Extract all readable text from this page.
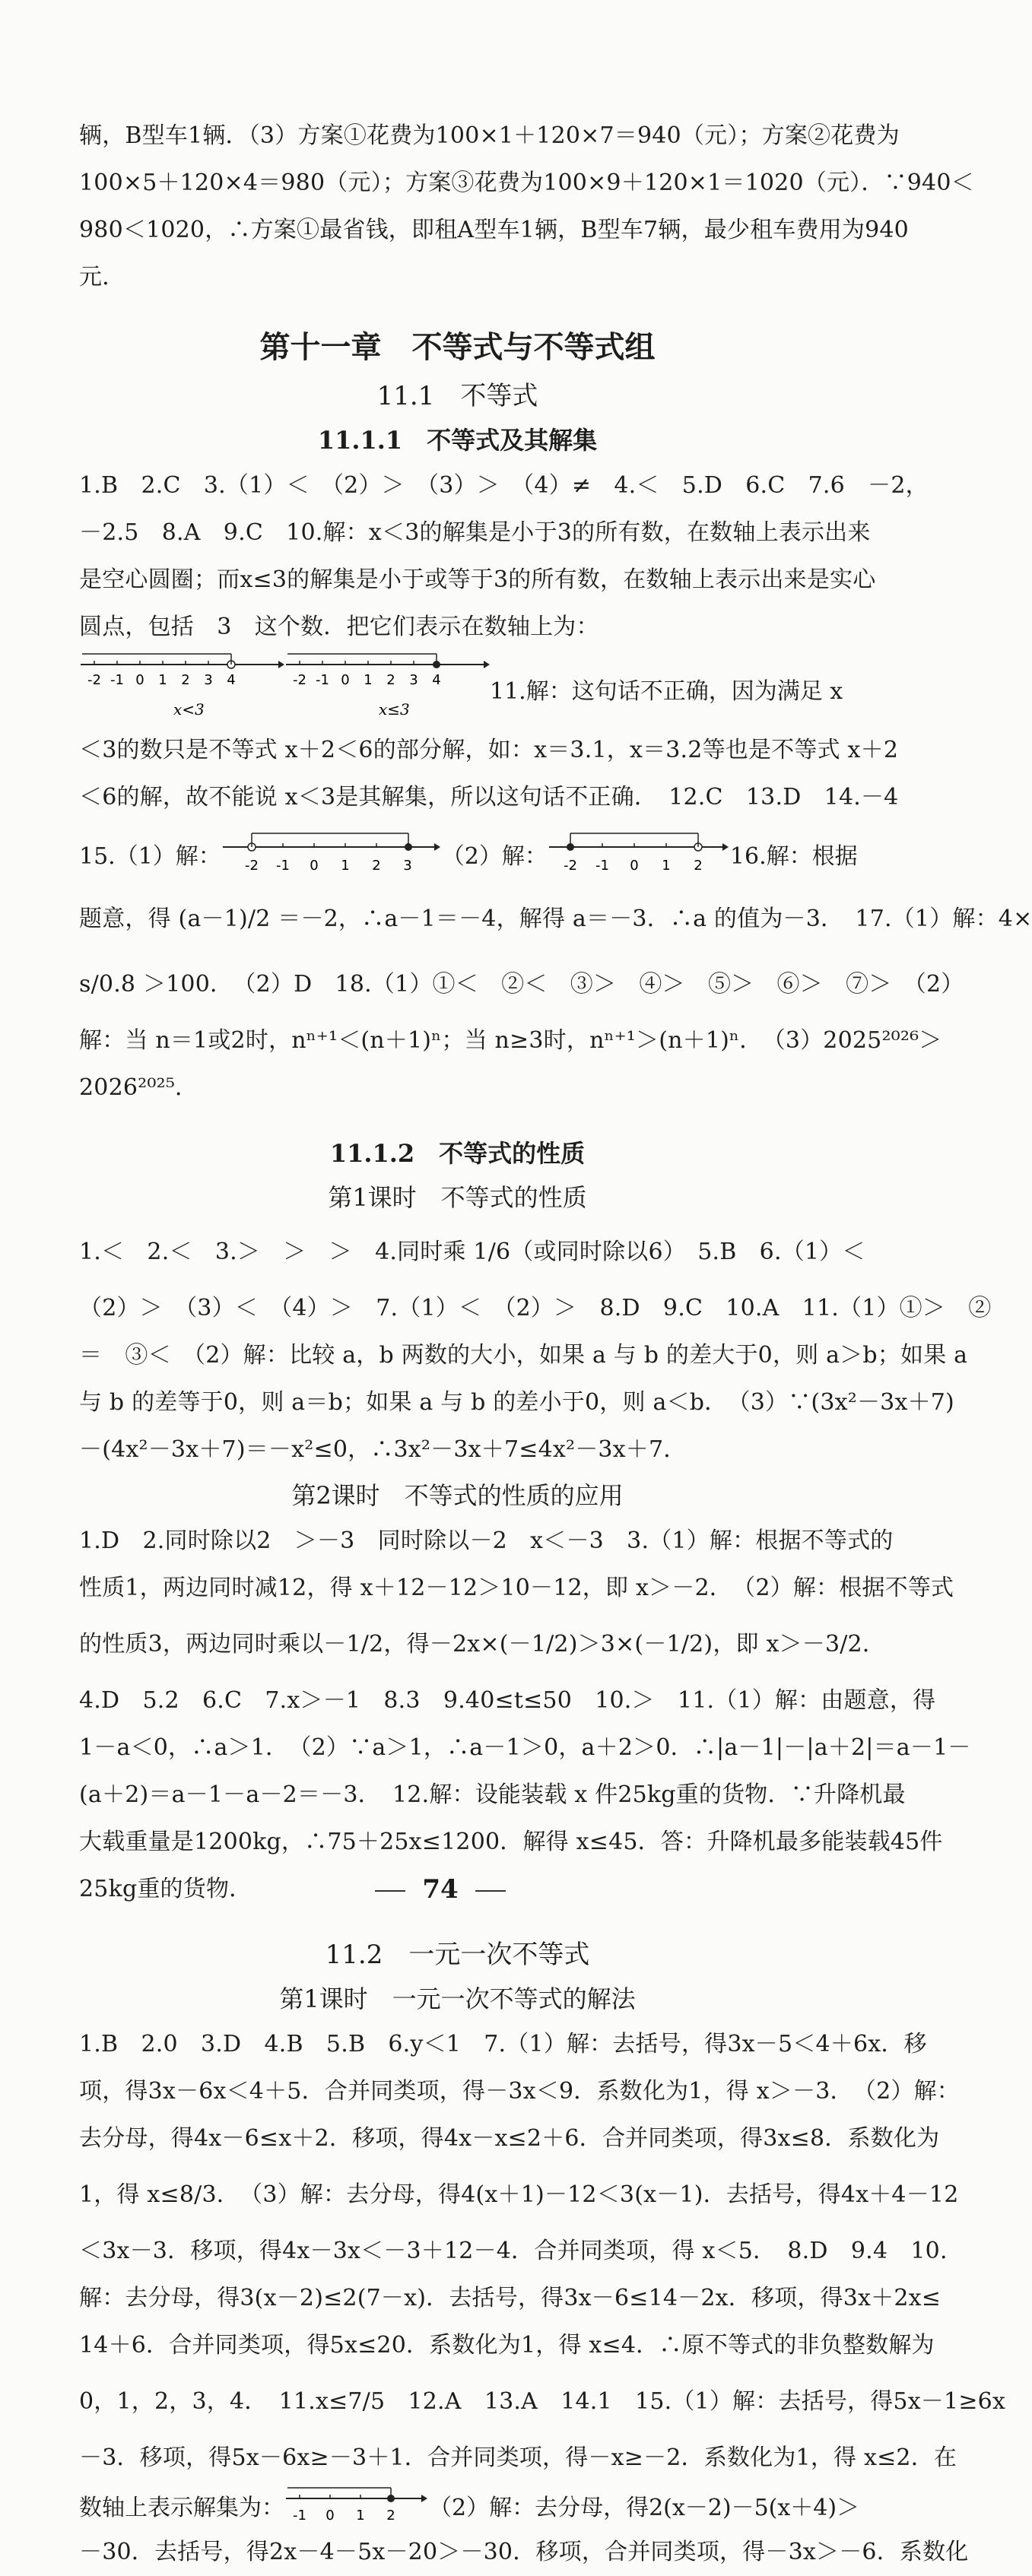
辆，B型车1辆．（3）方案①花费为100×1＋120×7＝940（元）；方案②花费为
100×5＋120×4＝980（元）；方案③花费为100×9＋120×1＝1020（元）．∵940＜
980＜1020，∴方案①最省钱，即租A型车1辆，B型车7辆，最少租车费用为940
元．
第十一章　不等式与不等式组
11.1　不等式
11.1.1　不等式及其解集
1.B　2.C　3.（1）＜　（2）＞　（3）＞　（4）≠　4.＜　5.D　6.C　7.6　－2，
－2.5　8.A　9.C　10.解：x＜3的解集是小于3的所有数，在数轴上表示出来
是空心圆圈；而x≤3的解集是小于或等于3的所有数，在数轴上表示出来是实心
圆点，包括　3　这个数．把它们表示在数轴上为：
-2 -1 0 1 2 3 4
x<3
-2 -1 0 1 2 3 4
x≤3
11.解：这句话不正确，因为满足 x
＜3的数只是不等式 x＋2＜6的部分解，如：x＝3.1，x＝3.2等也是不等式 x＋2
＜6的解，故不能说 x＜3是其解集，所以这句话不正确．　12.C　13.D　14.－4
15.（1）解： -2 -1 0 1 2 3 （2）解： -2 -1 0 1 2 16.解：根据
题意，得 (a－1)/2 ＝－2，∴a－1＝－4，解得 a＝－3．∴a 的值为－3．　17.（1）解：4×
s/0.8 ＞100．　（2）D　18.（1）①＜　②＜　③＞　④＞　⑤＞　⑥＞　⑦＞　（2）
解：当 n＝1或2时，nⁿ⁺¹＜(n＋1)ⁿ；当 n≥3时，nⁿ⁺¹＞(n＋1)ⁿ．　（3）2025²⁰²⁶＞
2026²⁰²⁵．
11.1.2　不等式的性质
第1课时　不等式的性质
1.＜　2.＜　3.＞　＞　＞　4.同时乘 1/6（或同时除以6）　5.B　6.（1）＜
（2）＞　（3）＜　（4）＞　7.（1）＜　（2）＞　8.D　9.C　10.A　11.（1）①＞　②
＝　③＜　（2）解：比较 a，b 两数的大小，如果 a 与 b 的差大于0，则 a＞b；如果 a
与 b 的差等于0，则 a＝b；如果 a 与 b 的差小于0，则 a＜b．　（3）∵(3x²－3x＋7)
－(4x²－3x＋7)＝－x²≤0，∴3x²－3x＋7≤4x²－3x＋7．
第2课时　不等式的性质的应用
1.D　2.同时除以2　＞－3　同时除以－2　x＜－3　3.（1）解：根据不等式的
性质1，两边同时减12，得 x＋12－12＞10－12，即 x＞－2．　（2）解：根据不等式
的性质3，两边同时乘以－1/2，得－2x×(－1/2)＞3×(－1/2)，即 x＞－3/2．
4.D　5.2　6.C　7.x＞－1　8.3　9.40≤t≤50　10.＞　11.（1）解：由题意，得
1－a＜0，∴a＞1．　（2）∵a＞1，∴a－1＞0，a＋2＞0．∴|a－1|－|a＋2|＝a－1－
(a＋2)＝a－1－a－2＝－3．　12.解：设能装载 x 件25kg重的货物．∵升降机最
大载重量是1200kg，∴75＋25x≤1200．解得 x≤45．答：升降机最多能装载45件
25kg重的货物．
11.2　一元一次不等式
第1课时　一元一次不等式的解法
1.B　2.0　3.D　4.B　5.B　6.y＜1　7.（1）解：去括号，得3x－5＜4＋6x．移
项，得3x－6x＜4＋5．合并同类项，得－3x＜9．系数化为1，得 x＞－3．　（2）解：
去分母，得4x－6≤x＋2．移项，得4x－x≤2＋6．合并同类项，得3x≤8．系数化为
1，得 x≤8/3．　（3）解：去分母，得4(x＋1)－12＜3(x－1)．去括号，得4x＋4－12
＜3x－3．移项，得4x－3x＜－3＋12－4．合并同类项，得 x＜5．　8.D　9.4　10.
解：去分母，得3(x－2)≤2(7－x)．去括号，得3x－6≤14－2x．移项，得3x＋2x≤
14＋6．合并同类项，得5x≤20．系数化为1，得 x≤4．∴原不等式的非负整数解为
0，1，2，3，4．　11.x≤7/5　12.A　13.A　14.1　15.（1）解：去括号，得5x－1≥6x
－3．移项，得5x－6x≥－3＋1．合并同类项，得－x≥－2．系数化为1，得 x≤2．在
数轴上表示解集为： -1 0 1 2 （2）解：去分母，得2(x－2)－5(x＋4)＞
－30．去括号，得2x－4－5x－20＞－30．移项，合并同类项，得－3x＞－6．系数化
74
